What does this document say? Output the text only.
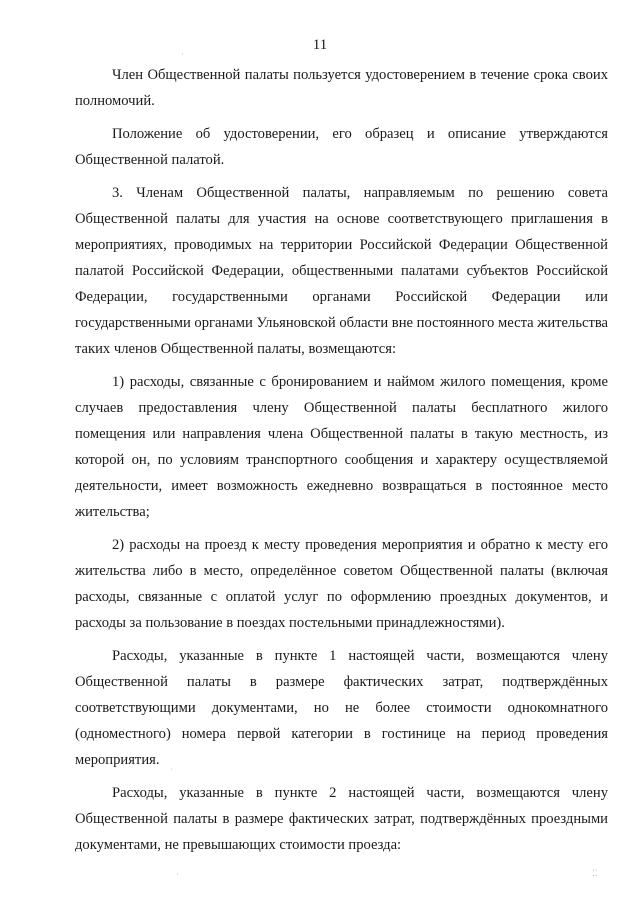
11

Член Общественной палаты пользуется удостоверением в течение срока своих полномочий.

Положение об удостоверении, его образец и описание утверждаются Общественной палатой.

3. Членам Общественной палаты, направляемым по решению совета Общественной палаты для участия на основе соответствующего приглашения в мероприятиях, проводимых на территории Российской Федерации Общественной палатой Российской Федерации, общественными палатами субъектов Российской Федерации, государственными органами Российской Федерации или государственными органами Ульяновской области вне постоянного места жительства таких членов Общественной палаты, возмещаются:

1) расходы, связанные с бронированием и наймом жилого помещения, кроме случаев предоставления члену Общественной палаты бесплатного жилого помещения или направления члена Общественной палаты в такую местность, из которой он, по условиям транспортного сообщения и характеру осуществляемой деятельности, имеет возможность ежедневно возвращаться в постоянное место жительства;

2) расходы на проезд к месту проведения мероприятия и обратно к месту его жительства либо в место, определённое советом Общественной палаты (включая расходы, связанные с оплатой услуг по оформлению проездных документов, и расходы за пользование в поездах постельными принадлежностями).

Расходы, указанные в пункте 1 настоящей части, возмещаются члену Общественной палаты в размере фактических затрат, подтверждённых соответствующими документами, но не более стоимости однокомнатного (одноместного) номера первой категории в гостинице на период проведения мероприятия.

Расходы, указанные в пункте 2 настоящей части, возмещаются члену Общественной палаты в размере фактических затрат, подтверждённых проездными документами, не превышающих стоимости проезда:

ˈ
ˌ
ˈ	⁚⁚
